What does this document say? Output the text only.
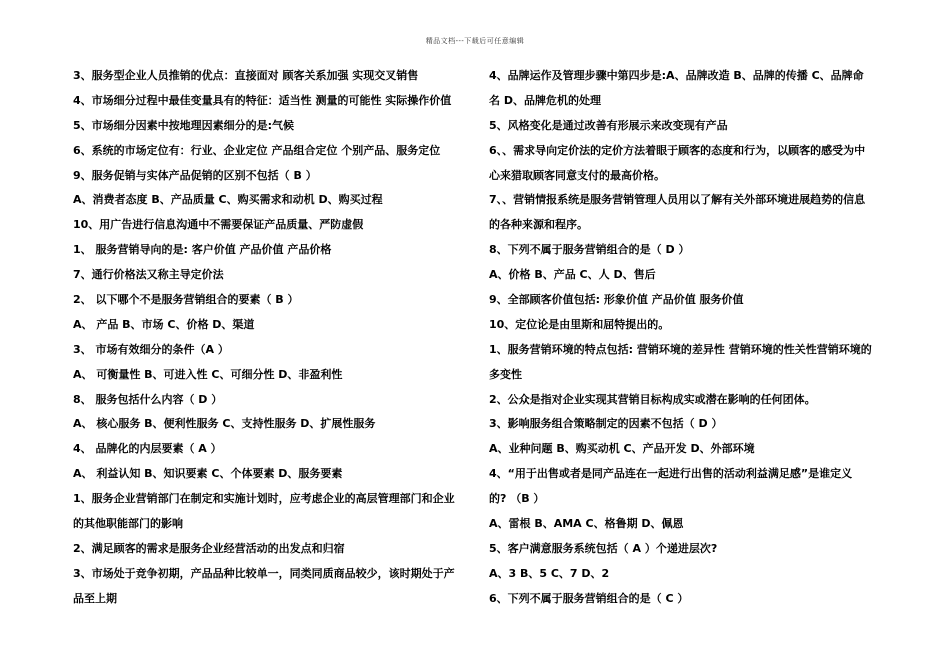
精品文档---下载后可任意编辑
3、服务型企业人员推销的优点：直接面对 顾客关系加强 实现交叉销售
4、市场细分过程中最佳变量具有的特征：适当性 测量的可能性 实际操作价值
5、市场细分因素中按地理因素细分的是:气候
6、系统的市场定位有：行业、企业定位 产品组合定位 个别产品、服务定位
9、服务促销与实体产品促销的区别不包括（ B ）
A、消费者态度 B、产品质量 C、购买需求和动机 D、购买过程
10、用广告进行信息沟通中不需要保证产品质量、严防虚假
1、 服务营销导向的是: 客户价值 产品价值 产品价格
7、通行价格法又称主导定价法
2、 以下哪个不是服务营销组合的要素（ B ）
A、 产品 B、市场 C、价格 D、渠道
3、 市场有效细分的条件（A ）
A、 可衡量性 B、可进入性 C、可细分性 D、非盈利性
8、 服务包括什么内容（ D ）
A、 核心服务 B、便利性服务 C、支持性服务 D、扩展性服务
4、 品牌化的内层要素（ A ）
A、 利益认知 B、知识要素 C、个体要素 D、服务要素
1、服务企业营销部门在制定和实施计划时，应考虑企业的高层管理部门和企业
的其他职能部门的影响
2、满足顾客的需求是服务企业经营活动的出发点和归宿
3、市场处于竞争初期，产品品种比较单一，同类同质商品较少，该时期处于产
品至上期
4、品牌运作及管理步骤中第四步是:A、品牌改造 B、品牌的传播 C、品牌命
名 D、品牌危机的处理
5、风格变化是通过改善有形展示来改变现有产品
6、、需求导向定价法的定价方法着眼于顾客的态度和行为，以顾客的感受为中
心来猎取顾客同意支付的最高价格。
7、、营销情报系统是服务营销管理人员用以了解有关外部环境进展趋势的信息
的各种来源和程序。
8、下列不属于服务营销组合的是（ D ）
A、价格 B、产品 C、人 D、售后
9、全部顾客价值包括: 形象价值 产品价值 服务价值
10、定位论是由里斯和屈特提出的。
1、服务营销环境的特点包括: 营销环境的差异性 营销环境的性关性营销环境的
多变性
2、公众是指对企业实现其营销目标构成实或潜在影响的任何团体。
3、影响服务组合策略制定的因素不包括（ D ）
A、业种问题 B、购买动机 C、产品开发 D、外部环境
4、“用于出售或者是同产品连在一起进行出售的活动利益满足感”是谁定义
的? （B ）
A、雷根 B、AMA C、格鲁期 D、佩恩
5、客户满意服务系统包括（ A ）个递进层次?
A、3 B、5 C、7 D、2
6、下列不属于服务营销组合的是（ C ）
